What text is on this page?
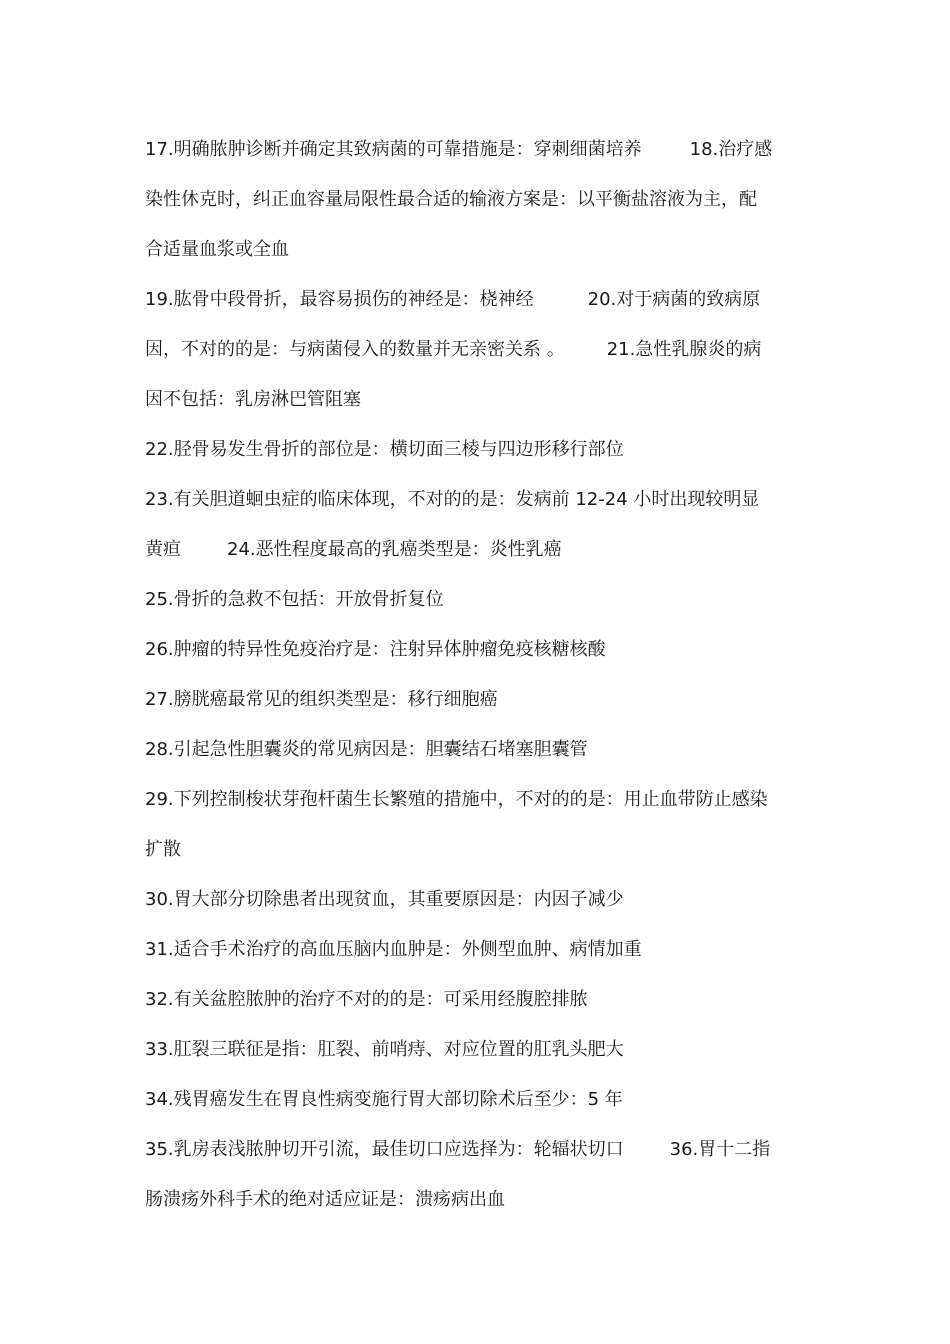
17.明确脓肿诊断并确定其致病菌的可靠措施是：穿刺细菌培养	18.治疗感

染性休克时，纠正血容量局限性最合适的输液方案是：以平衡盐溶液为主，配

合适量血浆或全血

19.肱骨中段骨折，最容易损伤的神经是：桡神经	20.对于病菌的致病原

因，不对的的是：与病菌侵入的数量并无亲密关系 。 21.急性乳腺炎的病

因不包括：乳房淋巴管阻塞

22.胫骨易发生骨折的部位是：横切面三棱与四边形移行部位

23.有关胆道蛔虫症的临床体现，不对的的是：发病前 12-24 小时出现较明显

黄疸	24.恶性程度最高的乳癌类型是：炎性乳癌

25.骨折的急救不包括：开放骨折复位

26.肿瘤的特异性免疫治疗是：注射异体肿瘤免疫核糖核酸

27.膀胱癌最常见的组织类型是：移行细胞癌

28.引起急性胆囊炎的常见病因是：胆囊结石堵塞胆囊管

29.下列控制梭状芽孢杆菌生长繁殖的措施中，不对的的是：用止血带防止感染

扩散

30.胃大部分切除患者出现贫血，其重要原因是：内因子减少

31.适合手术治疗的高血压脑内血肿是：外侧型血肿、病情加重

32.有关盆腔脓肿的治疗不对的的是：可采用经腹腔排脓

33.肛裂三联征是指：肛裂、前哨痔、对应位置的肛乳头肥大

34.残胃癌发生在胃良性病变施行胃大部切除术后至少：5 年

35.乳房表浅脓肿切开引流，最佳切口应选择为：轮辐状切口	36.胃十二指

肠溃疡外科手术的绝对适应证是：溃疡病出血
